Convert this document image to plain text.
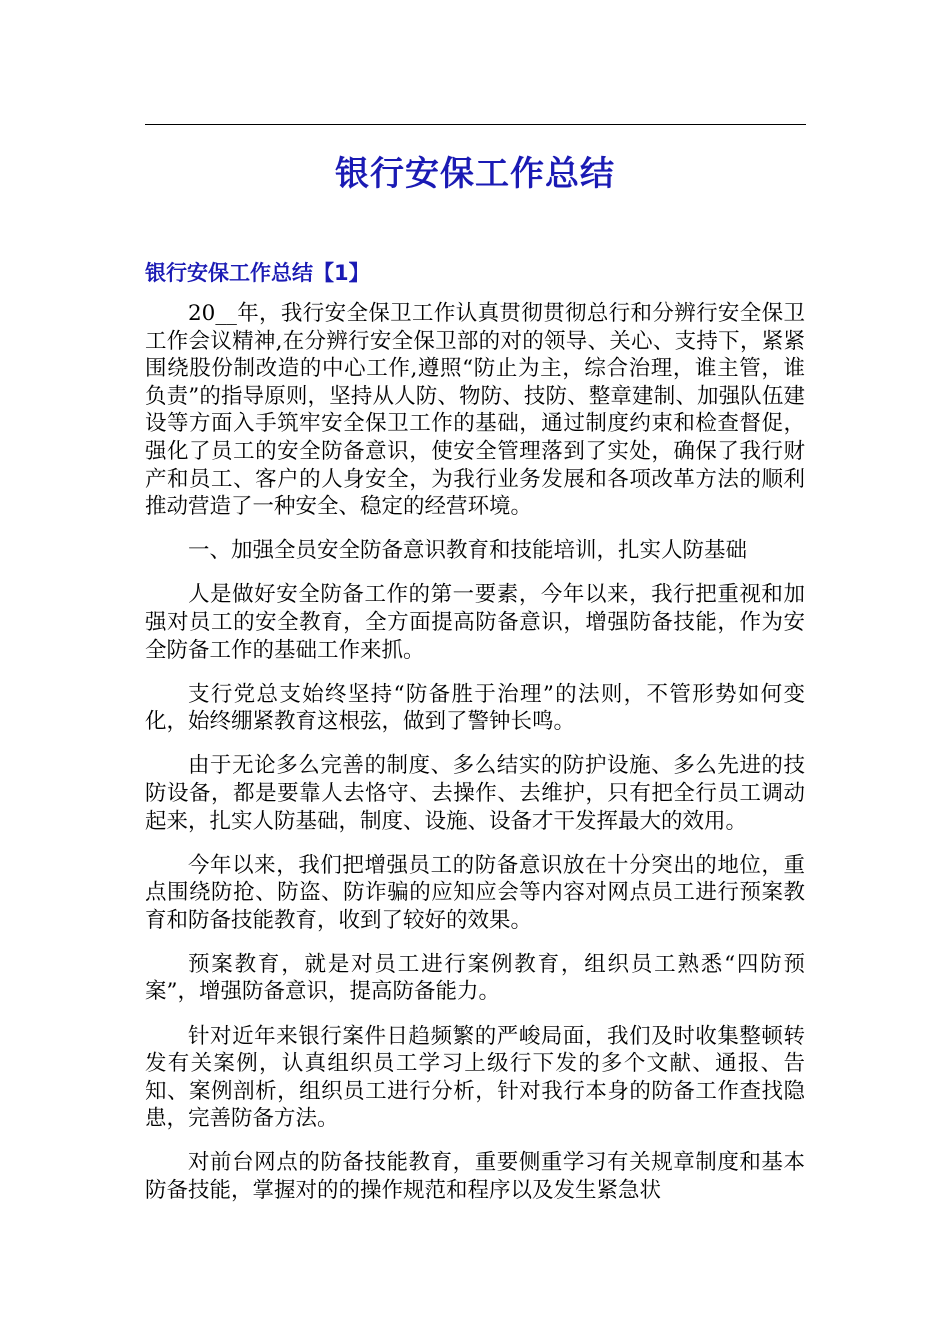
银行安保工作总结
银行安保工作总结【1】

20__年，我行安全保卫工作认真贯彻贯彻总行和分辨行安全保卫工作会议精神,在分辨行安全保卫部的对的领导、关心、支持下，紧紧围绕股份制改造的中心工作,遵照“防止为主，综合治理，谁主管，谁负责”的指导原则，坚持从人防、物防、技防、整章建制、加强队伍建设等方面入手筑牢安全保卫工作的基础，通过制度约束和检查督促，强化了员工的安全防备意识，使安全管理落到了实处，确保了我行财产和员工、客户的人身安全，为我行业务发展和各项改革方法的顺利推动营造了一种安全、稳定的经营环境。

一、加强全员安全防备意识教育和技能培训，扎实人防基础

人是做好安全防备工作的第一要素，今年以来，我行把重视和加强对员工的安全教育，全方面提高防备意识，增强防备技能，作为安全防备工作的基础工作来抓。

支行党总支始终坚持“防备胜于治理”的法则，不管形势如何变化，始终绷紧教育这根弦，做到了警钟长鸣。

由于无论多么完善的制度、多么结实的防护设施、多么先进的技防设备，都是要靠人去恪守、去操作、去维护，只有把全行员工调动起来，扎实人防基础，制度、设施、设备才干发挥最大的效用。

今年以来，我们把增强员工的防备意识放在十分突出的地位，重点围绕防抢、防盗、防诈骗的应知应会等内容对网点员工进行预案教育和防备技能教育，收到了较好的效果。

预案教育，就是对员工进行案例教育，组织员工熟悉“四防预案”，增强防备意识，提高防备能力。

针对近年来银行案件日趋频繁的严峻局面，我们及时收集整顿转发有关案例，认真组织员工学习上级行下发的多个文献、通报、告知、案例剖析，组织员工进行分析，针对我行本身的防备工作查找隐患，完善防备方法。

对前台网点的防备技能教育，重要侧重学习有关规章制度和基本防备技能，掌握对的的操作规范和程序以及发生紧急状
